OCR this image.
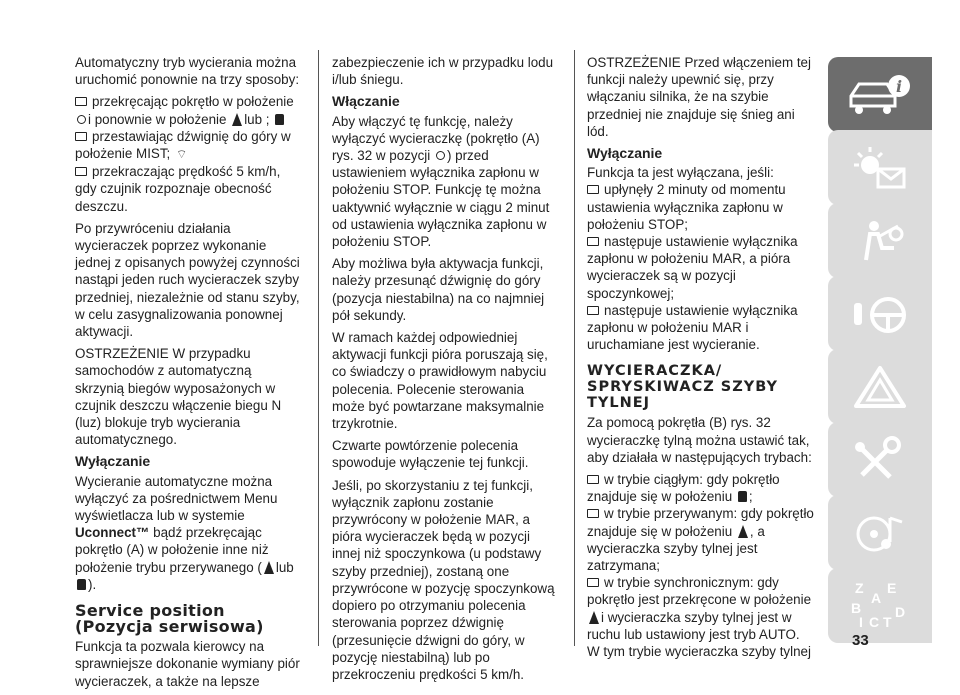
Automatyczny tryb wycierania można uruchomić ponownie na trzy sposoby:

przekręcając pokrętło w położenie i ponownie w położenie lub ;
przestawiając dźwignię do góry w położenie MIST; ⌔

przekraczając prędkość 5 km/h, gdy czujnik rozpoznaje obecność deszczu.

Po przywróceniu działania wycieraczek poprzez wykonanie jednej z opisanych powyżej czynności nastąpi jeden ruch wycieraczek szyby przedniej, niezależnie od stanu szyby, w celu zasygnalizowania ponownej aktywacji.

OSTRZEŻENIE W przypadku samochodów z automatyczną skrzynią biegów wyposażonych w czujnik deszczu włączenie biegu N (luz) blokuje tryb wycierania automatycznego.

Wyłączanie

Wycieranie automatyczne można wyłączyć za pośrednictwem Menu wyświetlacza lub w systemie Uconnect™ bądź przekręcając pokrętło (A) w położenie inne niż położenie trybu przerywanego ( lub ).

Service position (Pozycja serwisowa)

Funkcja ta pozwala kierowcy na sprawniejsze dokonanie wymiany piór wycieraczek, a także na lepsze

zabezpieczenie ich w przypadku lodu i/lub śniegu.

Włączanie

Aby włączyć tę funkcję, należy wyłączyć wycieraczkę (pokrętło (A) rys. 32 w pozycji ) przed ustawieniem wyłącznika zapłonu w położeniu STOP. Funkcję tę można uaktywnić wyłącznie w ciągu 2 minut od ustawienia wyłącznika zapłonu w położeniu STOP.

Aby możliwa była aktywacja funkcji, należy przesunąć dźwignię do góry (pozycja niestabilna) na co najmniej pół sekundy.

W ramach każdej odpowiedniej aktywacji funkcji pióra poruszają się, co świadczy o prawidłowym nabyciu polecenia. Polecenie sterowania może być powtarzane maksymalnie trzykrotnie.

Czwarte powtórzenie polecenia spowoduje wyłączenie tej funkcji.

Jeśli, po skorzystaniu z tej funkcji, wyłącznik zapłonu zostanie przywrócony w położenie MAR, a pióra wycieraczek będą w pozycji innej niż spoczynkowa (u podstawy szyby przedniej), zostaną one przywrócone w pozycję spoczynkową dopiero po otrzymaniu polecenia sterowania poprzez dźwignię (przesunięcie dźwigni do góry, w pozycję niestabilną) lub po przekroczeniu prędkości 5 km/h.

OSTRZEŻENIE Przed włączeniem tej funkcji należy upewnić się, przy włączaniu silnika, że na szybie przedniej nie znajduje się śnieg ani lód.

Wyłączanie
Funkcja ta jest wyłączana, jeśli:
upłynęły 2 minuty od momentu ustawienia wyłącznika zapłonu w położeniu STOP;
następuje ustawienie wyłącznika zapłonu w położeniu MAR, a pióra wycieraczek są w pozycji spoczynkowej;

następuje ustawienie wyłącznika zapłonu w położeniu MAR i uruchamiane jest wycieranie.

WYCIERACZKA/ SPRYSKIWACZ SZYBY TYLNEJ

Za pomocą pokrętła (B) rys. 32 wycieraczkę tylną można ustawić tak, aby działała w następujących trybach:

w trybie ciągłym: gdy pokrętło znajduje się w położeniu ;
w trybie przerywanym: gdy pokrętło znajduje się w położeniu , a wycieraczka szyby tylnej jest zatrzymana;
w trybie synchronicznym: gdy pokrętło jest przekręcone w położenie i wycieraczka szyby tylnej jest w ruchu lub ustawiony jest tryb AUTO.
W tym trybie wycieraczka szyby tylnej
i
Z E
A
B
I C T
D
33
